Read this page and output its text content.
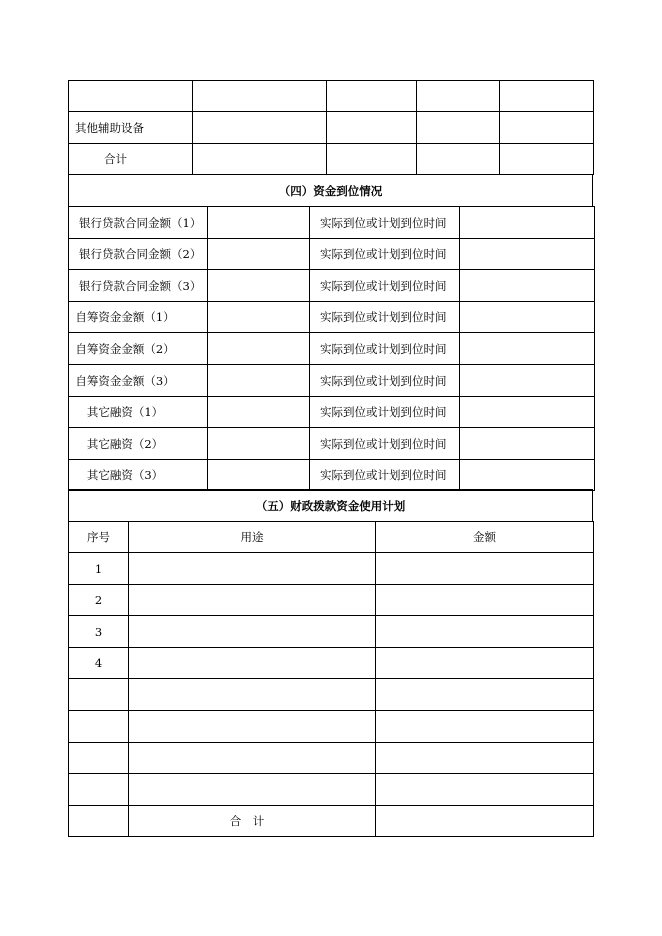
其他辅助设备				
合计				
（四）资金到位情况
银行贷款合同金额（1）		实际到位或计划到位时间	
银行贷款合同金额（2）		实际到位或计划到位时间	
银行贷款合同金额（3）		实际到位或计划到位时间	
自筹资金金额（1）		实际到位或计划到位时间	
自筹资金金额（2）		实际到位或计划到位时间	
自筹资金金额（3）		实际到位或计划到位时间	
其它融资（1）		实际到位或计划到位时间	
其它融资（2）		实际到位或计划到位时间	
其它融资（3）		实际到位或计划到位时间	
（五）财政拨款资金使用计划
序号	用途	金额
1		
2		
3		
4		

	合　计	
